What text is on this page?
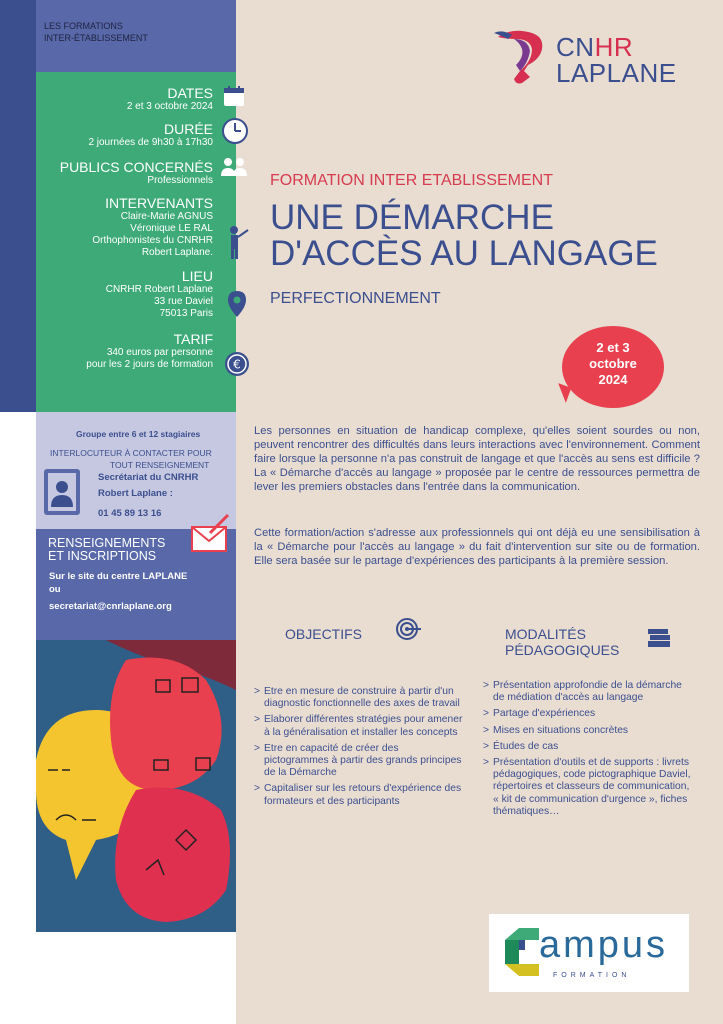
LES FORMATIONS
INTER-ÉTABLISSEMENT	CNHR
LAPLANE
DATES
2 et 3 octobre 2024
DURÉE
2 journées de 9h30 à 17h30
PUBLICS CONCERNÉS
Professionnels
INTERVENANTS
Claire-Marie AGNUS
Véronique LE RAL
Orthophonistes du CNRHR
Robert Laplane.
LIEU
CNRHR Robert Laplane
33 rue Daviel
75013 Paris
TARIF
340 euros par personne
pour les 2 jours de formation €
Groupe entre 6 et 12 stagiaires
INTERLOCUTEUR À CONTACTER POUR
TOUT RENSEIGNEMENT
Secrétariat du CNRHR
Robert Laplane :
01 45 89 13 16
RENSEIGNEMENTS
ET INSCRIPTIONS
Sur le site du centre LAPLANE
ou
secretariat@cnrlaplane.org
FORMATION INTER ETABLISSEMENT
UNE DÉMARCHE
D'ACCÈS AU LANGAGE
PERFECTIONNEMENT
2 et 3
octobre
2024
Les personnes en situation de handicap complexe, qu'elles soient sourdes ou non, peuvent rencontrer des difficultés dans leurs interactions avec l'environnement. Comment faire lorsque la personne n'a pas construit de langage et que l'accès au sens est difficile ? La « Démarche d'accès au langage » proposée par le centre de ressources permettra de lever les premiers obstacles dans l'entrée dans la communication.
Cette formation/action s'adresse aux professionnels qui ont déjà eu une sensibilisation à la « Démarche pour l'accès au langage » du fait d'intervention sur site ou de formation. Elle sera basée sur le partage d'expériences des participants à la première session.
OBJECTIFS
> Etre en mesure de construire à partir d'un diagnostic fonctionnelle des axes de travail
> Elaborer différentes stratégies pour amener à la généralisation et installer les concepts
> Etre en capacité de créer des pictogrammes à partir des grands principes de la Démarche
> Capitaliser sur les retours d'expérience des formateurs et des participants
MODALITÉS
PÉDAGOGIQUES
> Présentation approfondie de la démarche de médiation d'accès au langage
> Partage d'expériences
> Mises en situations concrètes
> Études de cas
> Présentation d'outils et de supports : livrets pédagogiques, code pictographique Daviel, répertoires et classeurs de communication, « kit de communication d'urgence », fiches thématiques…
ampus
FORMATION
